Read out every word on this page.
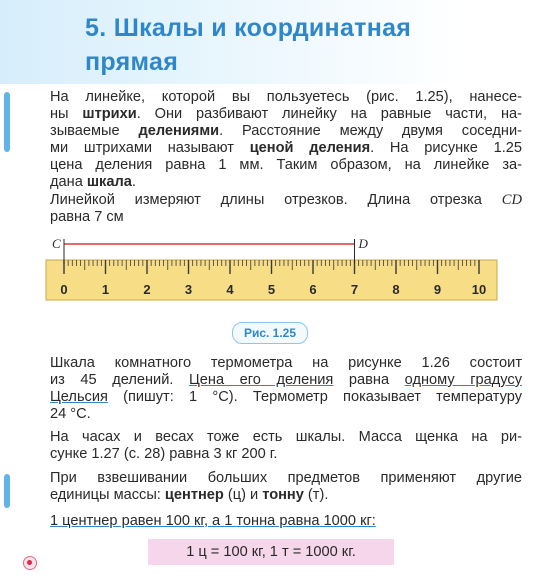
5. Шкалы и координатная
прямая
На линейке, которой вы пользуетесь (рис. 1.25), нанесе-
ны штрихи. Они разбивают линейку на равные части, на-
зываемые делениями. Расстояние между двумя соседни-
ми штрихами называют ценой деления. На рисунке 1.25
цена деления равна 1 мм. Таким образом, на линейке за-
дана шкала.
Линейкой измеряют длины отрезков. Длина отрезка CD
равна 7 см
0	1	2	3	4	5	6	7	8	9 10
C	D
Рис. 1.25
Шкала комнатного термометра на рисунке 1.26 состоит
из 45 делений. Цена его деления равна одному градусу
Цельсия (пишут: 1 °С). Термометр показывает температуру
24 °С.
На часах и весах тоже есть шкалы. Масса щенка на ри-
сунке 1.27 (с. 28) равна 3 кг 200 г.
При взвешивании больших предметов применяют другие
единицы массы: центнер (ц) и тонну (т).
1 центнер равен 100 кг, а 1 тонна равна 1000 кг:
1 ц = 100 кг, 1 т = 1000 кг.
